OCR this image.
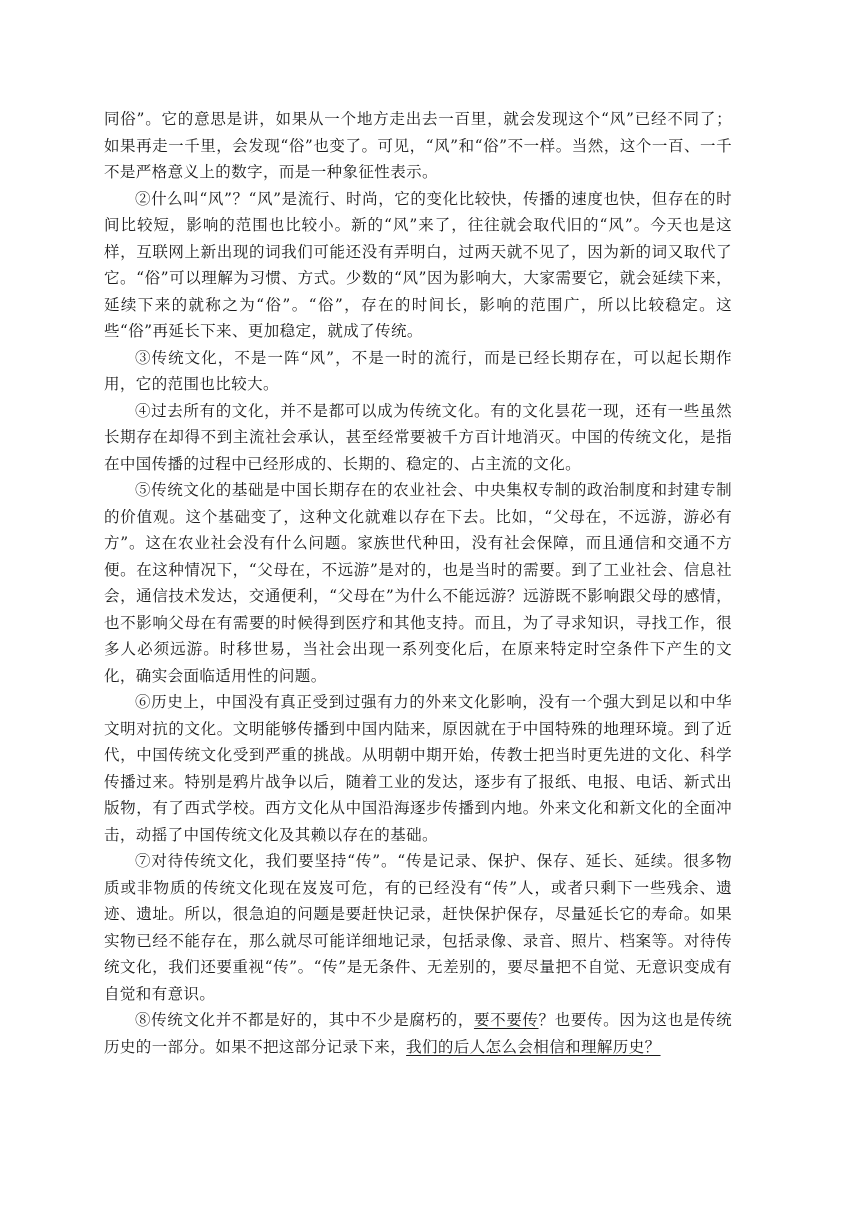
同俗”。它的意思是讲，如果从一个地方走出去一百里，就会发现这个“风”已经不同了；如果再走一千里，会发现“俗”也变了。可见，“风”和“俗”不一样。当然，这个一百、一千不是严格意义上的数字，而是一种象征性表示。

②什么叫“风”？“风”是流行、时尚，它的变化比较快，传播的速度也快，但存在的时间比较短，影响的范围也比较小。新的“风”来了，往往就会取代旧的“风”。今天也是这样，互联网上新出现的词我们可能还没有弄明白，过两天就不见了，因为新的词又取代了它。“俗”可以理解为习惯、方式。少数的“风”因为影响大，大家需要它，就会延续下来，延续下来的就称之为“俗”。“俗”，存在的时间长，影响的范围广，所以比较稳定。这些“俗”再延长下来、更加稳定，就成了传统。

③传统文化，不是一阵“风”，不是一时的流行，而是已经长期存在，可以起长期作用，它的范围也比较大。

④过去所有的文化，并不是都可以成为传统文化。有的文化昙花一现，还有一些虽然长期存在却得不到主流社会承认，甚至经常要被千方百计地消灭。中国的传统文化，是指在中国传播的过程中已经形成的、长期的、稳定的、占主流的文化。

⑤传统文化的基础是中国长期存在的农业社会、中央集权专制的政治制度和封建专制的价值观。这个基础变了，这种文化就难以存在下去。比如，“父母在，不远游，游必有方”。这在农业社会没有什么问题。家族世代种田，没有社会保障，而且通信和交通不方便。在这种情况下，“父母在，不远游”是对的，也是当时的需要。到了工业社会、信息社会，通信技术发达，交通便利，“父母在”为什么不能远游？远游既不影响跟父母的感情，也不影响父母在有需要的时候得到医疗和其他支持。而且，为了寻求知识，寻找工作，很多人必须远游。时移世易，当社会出现一系列变化后，在原来特定时空条件下产生的文化，确实会面临适用性的问题。

⑥历史上，中国没有真正受到过强有力的外来文化影响，没有一个强大到足以和中华文明对抗的文化。文明能够传播到中国内陆来，原因就在于中国特殊的地理环境。到了近代，中国传统文化受到严重的挑战。从明朝中期开始，传教士把当时更先进的文化、科学传播过来。特别是鸦片战争以后，随着工业的发达，逐步有了报纸、电报、电话、新式出版物，有了西式学校。西方文化从中国沿海逐步传播到内地。外来文化和新文化的全面冲击，动摇了中国传统文化及其赖以存在的基础。

⑦对待传统文化，我们要坚持“传”。“传是记录、保护、保存、延长、延续。很多物质或非物质的传统文化现在岌岌可危，有的已经没有“传”人，或者只剩下一些残余、遗迹、遗址。所以，很急迫的问题是要赶快记录，赶快保护保存，尽量延长它的寿命。如果实物已经不能存在，那么就尽可能详细地记录，包括录像、录音、照片、档案等。对待传统文化，我们还要重视“传”。“传”是无条件、无差别的，要尽量把不自觉、无意识变成有自觉和有意识。

⑧传统文化并不都是好的，其中不少是腐朽的，要不要传？也要传。因为这也是传统历史的一部分。如果不把这部分记录下来，我们的后人怎么会相信和理解历史？
